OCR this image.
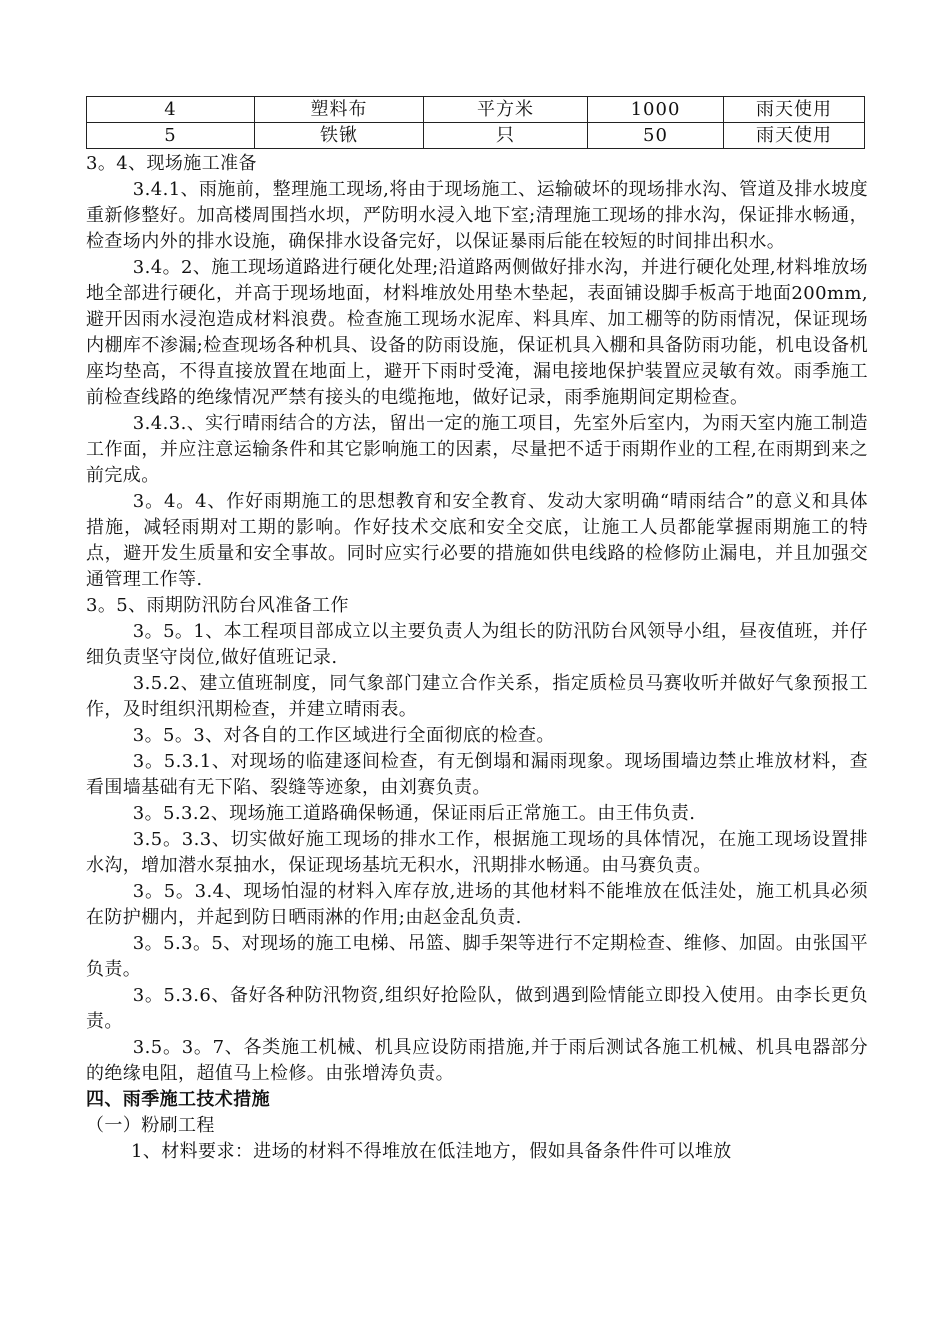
4	塑料布	平方米	1000	雨天使用
5	铁锹	只	50	雨天使用

3。4、现场施工准备

3.4.1、雨施前，整理施工现场,将由于现场施工、运输破坏的现场排水沟、管道及排水坡度重新修整好。加高楼周围挡水坝，严防明水浸入地下室;清理施工现场的排水沟，保证排水畅通，检查场内外的排水设施，确保排水设备完好，以保证暴雨后能在较短的时间排出积水。

3.4。2、施工现场道路进行硬化处理;沿道路两侧做好排水沟，并进行硬化处理,材料堆放场地全部进行硬化，并高于现场地面，材料堆放处用垫木垫起，表面铺设脚手板高于地面200mm,避开因雨水浸泡造成材料浪费。检查施工现场水泥库、料具库、加工棚等的防雨情况，保证现场内棚库不渗漏;检查现场各种机具、设备的防雨设施，保证机具入棚和具备防雨功能，机电设备机座均垫高，不得直接放置在地面上，避开下雨时受淹，漏电接地保护装置应灵敏有效。雨季施工前检查线路的绝缘情况严禁有接头的电缆拖地，做好记录，雨季施期间定期检查。

3.4.3.、实行晴雨结合的方法，留出一定的施工项目，先室外后室内，为雨天室内施工制造工作面，并应注意运输条件和其它影响施工的因素，尽量把不适于雨期作业的工程,在雨期到来之前完成。

3。4。4、作好雨期施工的思想教育和安全教育、发动大家明确“晴雨结合”的意义和具体措施，减轻雨期对工期的影响。作好技术交底和安全交底，让施工人员都能掌握雨期施工的特点，避开发生质量和安全事故。同时应实行必要的措施如供电线路的检修防止漏电，并且加强交通管理工作等.

3。5、雨期防汛防台风准备工作

3。5。1、本工程项目部成立以主要负责人为组长的防汛防台风领导小组，昼夜值班，并仔细负责坚守岗位,做好值班记录.

3.5.2、建立值班制度，同气象部门建立合作关系，指定质检员马赛收听并做好气象预报工作，及时组织汛期检查，并建立晴雨表。

3。5。3、对各自的工作区域进行全面彻底的检查。

3。5.3.1、对现场的临建逐间检查，有无倒塌和漏雨现象。现场围墙边禁止堆放材料，查看围墙基础有无下陷、裂缝等迹象，由刘赛负责。

3。5.3.2、现场施工道路确保畅通，保证雨后正常施工。由王伟负责.

3.5。3.3、切实做好施工现场的排水工作，根据施工现场的具体情况，在施工现场设置排水沟，增加潜水泵抽水，保证现场基坑无积水，汛期排水畅通。由马赛负责。

3。5。3.4、现场怕湿的材料入库存放,进场的其他材料不能堆放在低洼处，施工机具必须在防护棚内，并起到防日晒雨淋的作用;由赵金乱负责.

3。5.3。5、对现场的施工电梯、吊篮、脚手架等进行不定期检查、维修、加固。由张国平负责。

3。5.3.6、备好各种防汛物资,组织好抢险队，做到遇到险情能立即投入使用。由李长更负责。

3.5。3。7、各类施工机械、机具应设防雨措施,并于雨后测试各施工机械、机具电器部分的绝缘电阻，超值马上检修。由张增涛负责。

四、雨季施工技术措施

（一）粉刷工程

1、材料要求：进场的材料不得堆放在低洼地方，假如具备条件件可以堆放
